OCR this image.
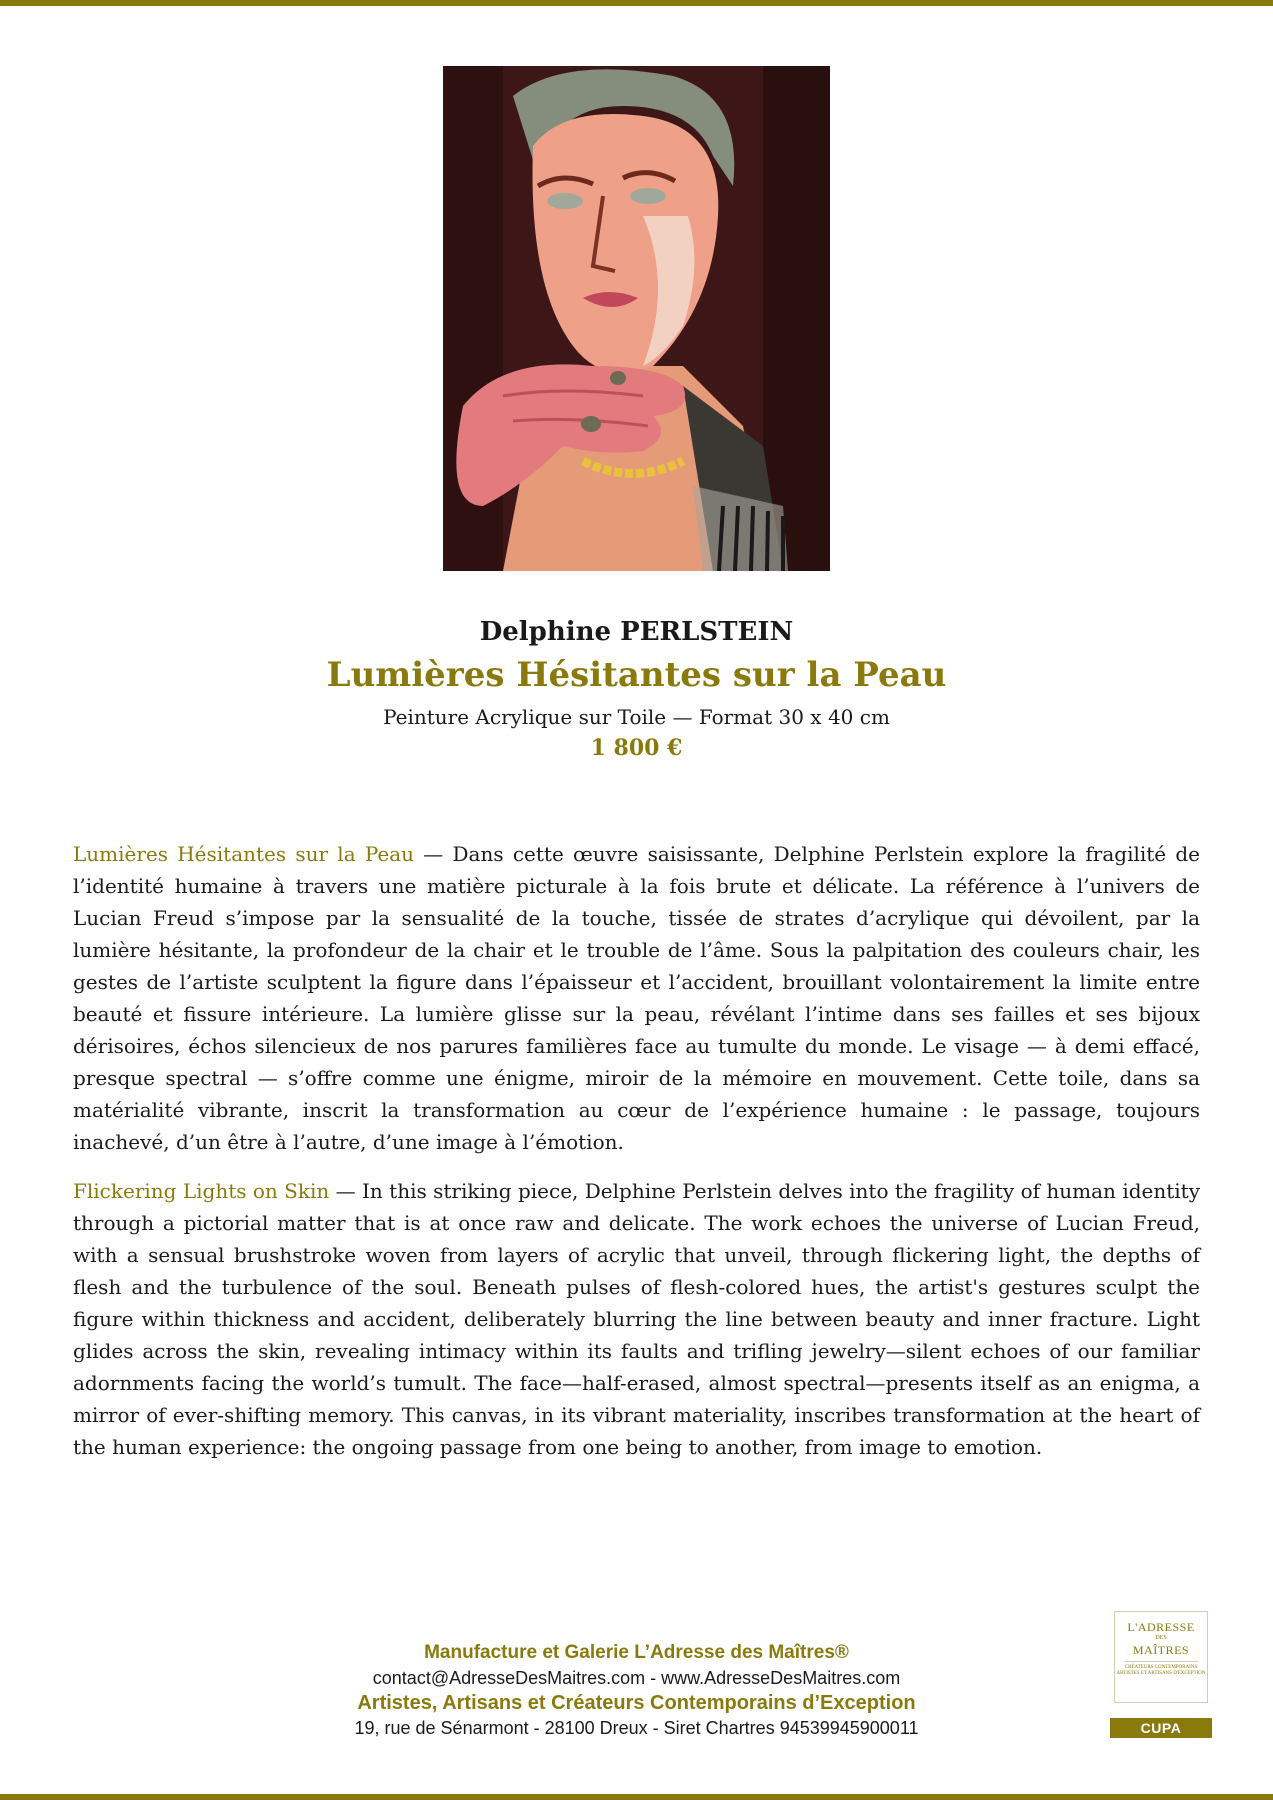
Delphine PERLSTEIN
Lumières Hésitantes sur la Peau
Peinture Acrylique sur Toile — Format 30 x 40 cm
1 800 €

Lumières Hésitantes sur la Peau — Dans cette œuvre saisissante, Delphine Perlstein explore la fragilité de l’identité humaine à travers une matière picturale à la fois brute et délicate. La référence à l’univers de Lucian Freud s’impose par la sensualité de la touche, tissée de strates d’acrylique qui dévoilent, par la lumière hésitante, la profondeur de la chair et le trouble de l’âme. Sous la palpitation des couleurs chair, les gestes de l’artiste sculptent la figure dans l’épaisseur et l’accident, brouillant volontairement la limite entre beauté et fissure intérieure. La lumière glisse sur la peau, révélant l’intime dans ses failles et ses bijoux dérisoires, échos silencieux de nos parures familières face au tumulte du monde. Le visage — à demi effacé, presque spectral — s’offre comme une énigme, miroir de la mémoire en mouvement. Cette toile, dans sa matérialité vibrante, inscrit la transformation au cœur de l’expérience humaine : le passage, toujours inachevé, d’un être à l’autre, d’une image à l’émotion.

Flickering Lights on Skin — In this striking piece, Delphine Perlstein delves into the fragility of human identity through a pictorial matter that is at once raw and delicate. The work echoes the universe of Lucian Freud, with a sensual brushstroke woven from layers of acrylic that unveil, through flickering light, the depths of flesh and the turbulence of the soul. Beneath pulses of flesh-colored hues, the artist's gestures sculpt the figure within thickness and accident, deliberately blurring the line between beauty and inner fracture. Light glides across the skin, revealing intimacy within its faults and trifling jewelry—silent echoes of our familiar adornments facing the world’s tumult. The face—half-erased, almost spectral—presents itself as an enigma, a mirror of ever-shifting memory. This canvas, in its vibrant materiality, inscribes transformation at the heart of the human experience: the ongoing passage from one being to another, from image to emotion.

Manufacture et Galerie L’Adresse des Maîtres®
contact@AdresseDesMaitres.com - www.AdresseDesMaitres.com
Artistes, Artisans et Créateurs Contemporains d’Exception
19, rue de Sénarmont - 28100 Dreux - Siret Chartres 94539945900011
L'ADRESSE
DES
MAÎTRES
CRÉATEURS CONTEMPORAINS ARTISTES ET ARTISANS D'EXCEPTION
CUPA
